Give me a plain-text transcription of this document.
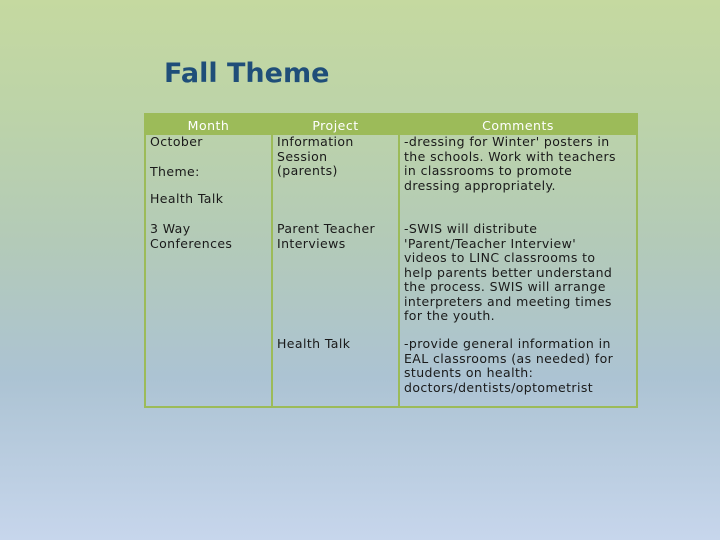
Fall Theme
Month	Project	Comments
October
Theme:
Health Talk
3 Way
Conferences
Information
Session
(parents)
Parent Teacher
Interviews
Health Talk
-dressing for Winter' posters in
the schools. Work with teachers
in classrooms to promote
dressing appropriately.
-SWIS will distribute
'Parent/Teacher Interview'
videos to LINC classrooms to
help parents better understand
the process. SWIS will arrange
interpreters and meeting times
for the youth.
-provide general information in
EAL classrooms (as needed) for
students on health:
doctors/dentists/optometrist
